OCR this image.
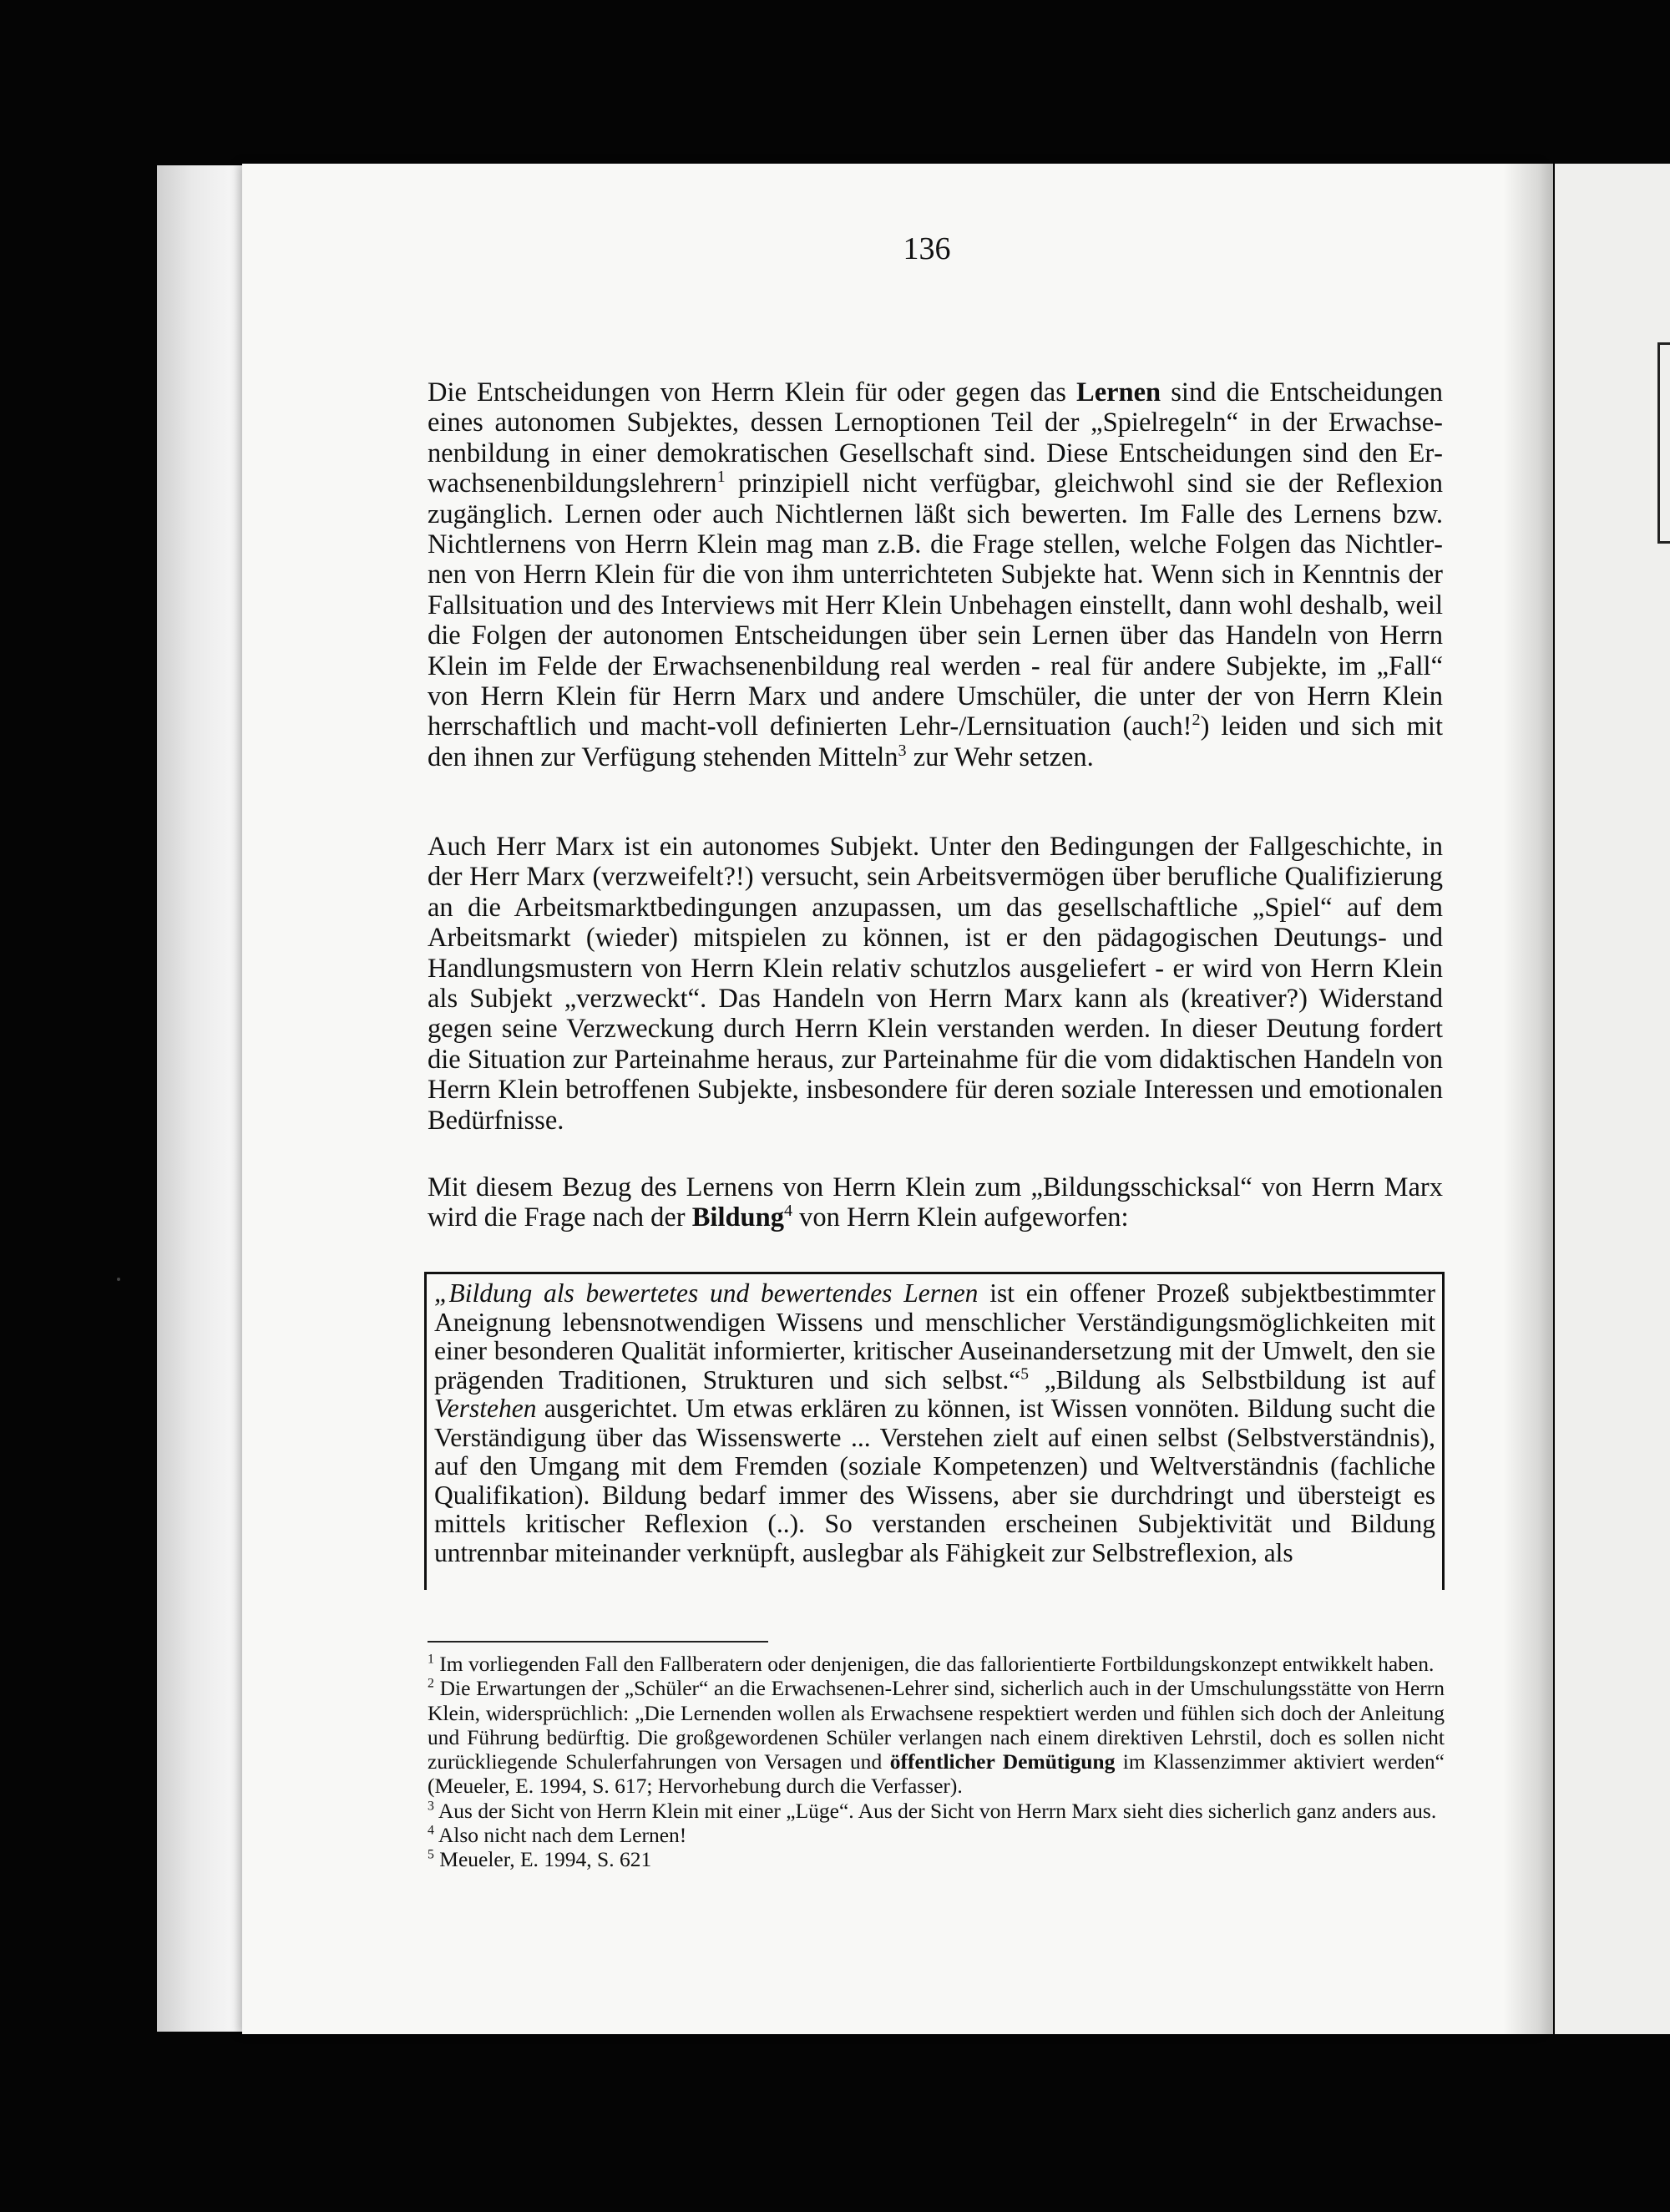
136

Die Entscheidungen von Herrn Klein für oder gegen das Lernen sind die Entscheidungen eines autonomen Subjektes, dessen Lernoptionen Teil der „Spielregeln“ in der Erwachsenenbildung in einer demokratischen Gesellschaft sind. Diese Entscheidungen sind den Erwachsenenbildungslehrern$^1$ prinzipiell nicht verfügbar, gleichwohl sind sie der Reflexion zugänglich. Lernen oder auch Nichtlernen läßt sich bewerten. Im Falle des Lernens bzw. Nichtlernens von Herrn Klein mag man z.B. die Frage stellen, welche Folgen das Nichtlernen von Herrn Klein für die von ihm unterrichteten Subjekte hat. Wenn sich in Kenntnis der Fallsituation und des Interviews mit Herr Klein Unbehagen einstellt, dann wohl deshalb, weil die Folgen der autonomen Entscheidungen über sein Lernen über das Handeln von Herrn Klein im Felde der Erwachsenenbildung real werden - real für andere Subjekte, im „Fall“ von Herrn Klein für Herrn Marx und andere Umschüler, die unter der von Herrn Klein herrschaftlich und macht-voll definierten Lehr-/Lernsituation (auch!$^2$) leiden und sich mit den ihnen zur Verfügung stehenden Mitteln$^3$ zur Wehr setzen.

Auch Herr Marx ist ein autonomes Subjekt. Unter den Bedingungen der Fallgeschichte, in der Herr Marx (verzweifelt?!) versucht, sein Arbeitsvermögen über berufliche Qualifizierung an die Arbeitsmarktbedingungen anzupassen, um das gesellschaftliche „Spiel“ auf dem Arbeitsmarkt (wieder) mitspielen zu können, ist er den pädagogischen Deutungs- und Handlungsmustern von Herrn Klein relativ schutzlos ausgeliefert - er wird von Herrn Klein als Subjekt „verzweckt“. Das Handeln von Herrn Marx kann als (kreativer?) Widerstand gegen seine Verzweckung durch Herrn Klein verstanden werden. In dieser Deutung fordert die Situation zur Parteinahme heraus, zur Parteinahme für die vom didaktischen Handeln von Herrn Klein betroffenen Subjekte, insbesondere für deren soziale Interessen und emotionalen Bedürfnisse.

Mit diesem Bezug des Lernens von Herrn Klein zum „Bildungsschicksal“ von Herrn Marx wird die Frage nach der Bildung$^4$ von Herrn Klein aufgeworfen:

„Bildung als bewertetes und bewertendes Lernen ist ein offener Prozeß subjektbestimmter Aneignung lebensnotwendigen Wissens und menschlicher Verständigungsmöglichkeiten mit einer besonderen Qualität informierter, kritischer Auseinandersetzung mit der Umwelt, den sie prägenden Traditionen, Strukturen und sich selbst.“$^5$ „Bildung als Selbstbildung ist auf Verstehen ausgerichtet. Um etwas erklären zu können, ist Wissen vonnöten. Bildung sucht die Verständigung über das Wissenswerte ... Verstehen zielt auf einen selbst (Selbstverständnis), auf den Umgang mit dem Fremden (soziale Kompetenzen) und Weltverständnis (fachliche Qualifikation). Bildung bedarf immer des Wissens, aber sie durchdringt und übersteigt es mittels kritischer Reflexion (..). So verstanden erscheinen Subjektivität und Bildung untrennbar miteinander verknüpft, auslegbar als Fähigkeit zur Selbstreflexion, als

$^1$ Im vorliegenden Fall den Fallberatern oder denjenigen, die das fallorientierte Fortbildungskonzept entwikkelt haben.

$^2$ Die Erwartungen der „Schüler“ an die Erwachsenen-Lehrer sind, sicherlich auch in der Umschulungsstätte von Herrn Klein, widersprüchlich: „Die Lernenden wollen als Erwachsene respektiert werden und fühlen sich doch der Anleitung und Führung bedürftig. Die großgewordenen Schüler verlangen nach einem direktiven Lehrstil, doch es sollen nicht zurückliegende Schulerfahrungen von Versagen und öffentlicher Demütigung im Klassenzimmer aktiviert werden“ (Meueler, E. 1994, S. 617; Hervorhebung durch die Verfasser).

$^3$ Aus der Sicht von Herrn Klein mit einer „Lüge“. Aus der Sicht von Herrn Marx sieht dies sicherlich ganz anders aus.

$^4$ Also nicht nach dem Lernen!

$^5$ Meueler, E. 1994, S. 621
